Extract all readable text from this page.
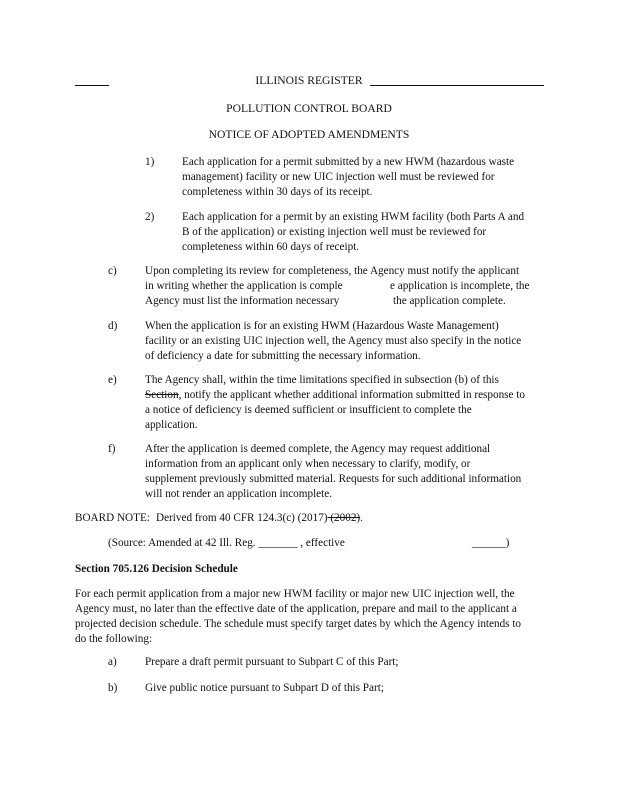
ILLINOIS REGISTER
POLLUTION CONTROL BOARD
NOTICE OF ADOPTED AMENDMENTS
1) Each application for a permit submitted by a new HWM (hazardous waste
management) facility or new UIC injection well must be reviewed for
completeness within 30 days of its receipt.
2) Each application for a permit by an existing HWM facility (both Parts A and
B of the application) or existing injection well must be reviewed for
completeness within 60 days of receipt.
c)	Upon completing its review for completeness, the Agency must notify the applicant
in writing whether the application is comple	e application is incomplete, the
Agency must list the information necessary	the application complete.
d) When the application is for an existing HWM (Hazardous Waste Management)
facility or an existing UIC injection well, the Agency must also specify in the notice
of deficiency a date for submitting the necessary information.
e)	The Agency shall, within the time limitations specified in subsection (b) of this
Section, notify the applicant whether additional information submitted in response to
a notice of deficiency is deemed sufficient or insufficient to complete the
application.
f)	After the application is deemed complete, the Agency may request additional
information from an applicant only when necessary to clarify, modify, or
supplement previously submitted material. Requests for such additional information
will not render an application incomplete.
BOARD NOTE: Derived from 40 CFR 124.3(c) (2017) (2002).
(Source: Amended at 42 Ill. Reg. _______ , effective	______)
Section 705.126 Decision Schedule
For each permit application from a major new HWM facility or major new UIC injection well, the
Agency must, no later than the effective date of the application, prepare and mail to the applicant a
projected decision schedule. The schedule must specify target dates by which the Agency intends to
do the following:
a)	Prepare a draft permit pursuant to Subpart C of this Part;
b) Give public notice pursuant to Subpart D of this Part;
